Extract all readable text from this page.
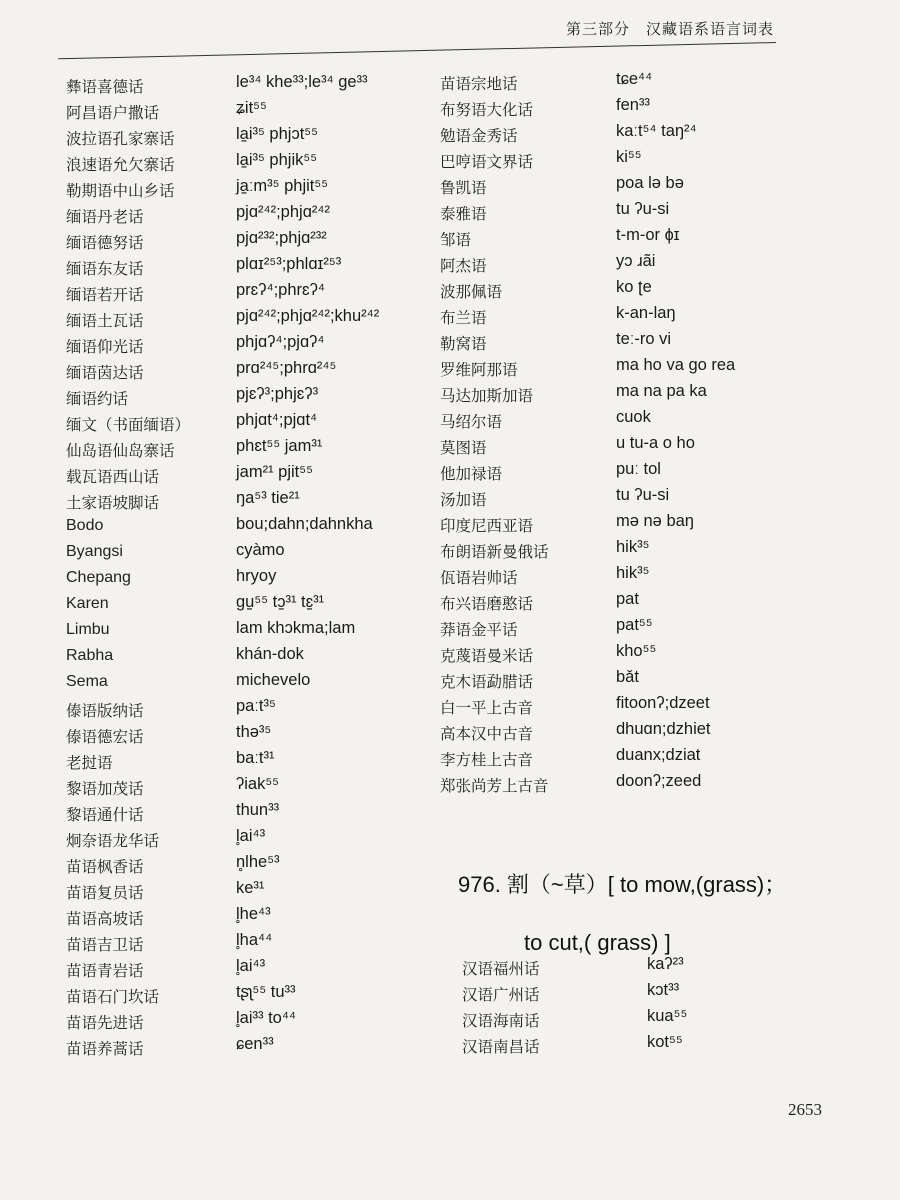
第三部分　汉藏语系语言词表
彝语喜德话	le³⁴ khe³³;le³⁴ ge³³
阿昌语户撒话	ʑit⁵⁵
波拉语孔家寨话	la̠i³⁵ phjɔt⁵⁵
浪速语允欠寨话	la̠i³⁵ phjik⁵⁵
勒期语中山乡话	ja̠ːm³⁵ phjit⁵⁵
缅语丹老话	pjɑ²⁴²;phjɑ²⁴²
缅语德努话	pjɑ²³²;phjɑ²³²
缅语东友话	plɑɪ²⁵³;phlɑɪ²⁵³
缅语若开话	prɛʔ⁴;phrɛʔ⁴
缅语土瓦话	pjɑ²⁴²;phjɑ²⁴²;khu²⁴²
缅语仰光话	phjɑʔ⁴;pjɑʔ⁴
缅语茵达话	prɑ²⁴⁵;phrɑ²⁴⁵
缅语约话	pjɛʔ³;phjɛʔ³
缅文（书面缅语）	phjɑt⁴;pjɑt⁴
仙岛语仙岛寨话	phɛt⁵⁵ jam³¹
载瓦语西山话	jam²¹ pjit⁵⁵
土家语坡脚话	ŋa⁵³ tie²¹
Bodo	bou;dahn;dahnkha
Byangsi	cyàmo
Chepang	hryoy
Karen	gu̠⁵⁵ tɔ̠³¹ tɛ̠³¹
Limbu	lam khɔkma;lam
Rabha	khán-dok
Sema	michevelo
傣语版纳话	paːt³⁵
傣语德宏话	thə³⁵
老挝语	baːt³¹
黎语加茂话	ʔiak⁵⁵
黎语通什话	thun³³
炯奈语龙华话	l̥ai⁴³
苗语枫香话	n̥lhe⁵³
苗语复员话	ke³¹
苗语高坡话	l̥he⁴³
苗语吉卫话	l̥ha⁴⁴
苗语青岩话	l̥ai⁴³
苗语石门坎话	tʂʅ⁵⁵ tu³³
苗语先进话	l̥ai³³ to⁴⁴
苗语养蒿话	ɕen³³
苗语宗地话	tɕe⁴⁴
布努语大化话	fen³³
勉语金秀话	kaːt⁵⁴ taŋ²⁴
巴哼语文界话	ki⁵⁵
鲁凯语	poa lə bə
泰雅语	tu ʔu-si
邹语	t-m-or ɸɪ
阿杰语	yɔ ɹãi
波那佩语	ko ʈe
布兰语	k-an-laŋ
勒窝语	teː-ro vi
罗维阿那语	ma ho va go rea
马达加斯加语	ma na pa ka
马绍尔语	cuok
莫图语	u tu-a o ho
他加禄语	puː tol
汤加语	tu ʔu-si
印度尼西亚语	mə nə baŋ
布朗语新曼俄话	hik³⁵
佤语岩帅话	hik³⁵
布兴语磨憨话	pat
莽语金平话	pat⁵⁵
克蔑语曼米话	kho⁵⁵
克木语勐腊话	bǎt
白一平上古音	fitoonʔ;dzeet
高本汉中古音	dhuɑn;dzhiet
李方桂上古音	duanx;dziat
郑张尚芳上古音	doonʔ;zeed
976. 割（~草）[ to mow,(grass)；
to cut,( grass) ]
汉语福州话	kaʔ²³
汉语广州话	kɔt³³
汉语海南话	kua⁵⁵
汉语南昌话	kot⁵⁵
2653
